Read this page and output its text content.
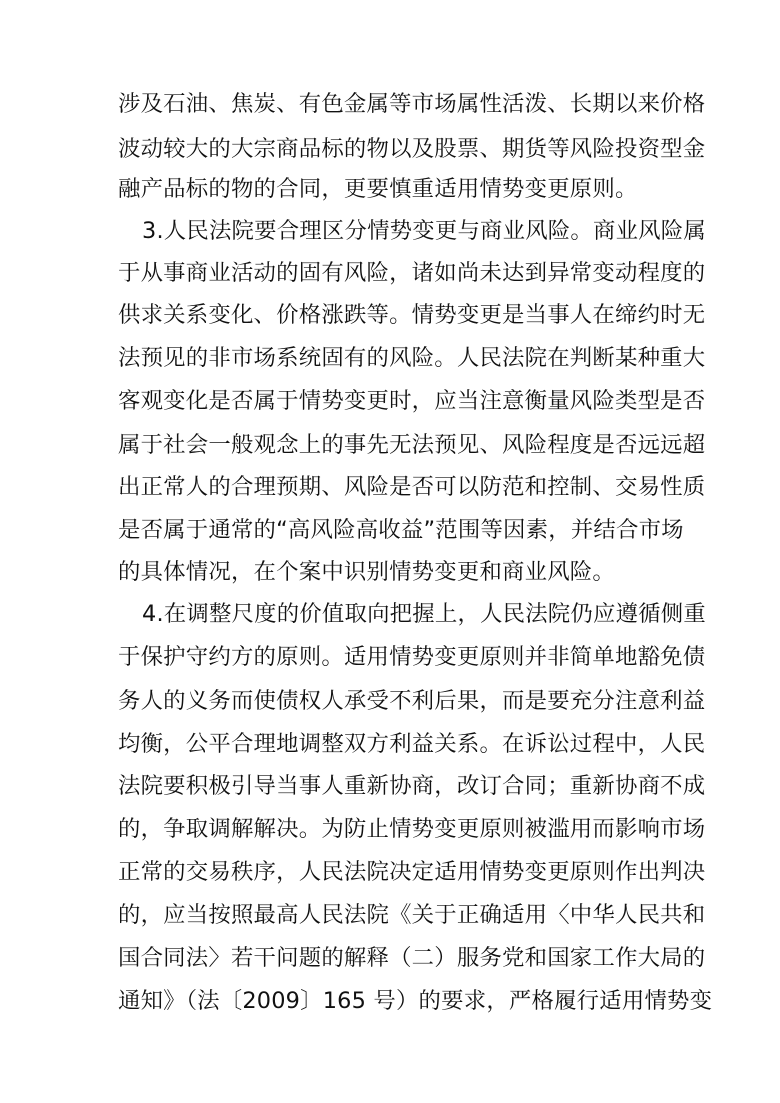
涉及石油、焦炭、有色金属等市场属性活泼、长期以来价格
波动较大的大宗商品标的物以及股票、期货等风险投资型金
融产品标的物的合同，更要慎重适用情势变更原则。
3.人民法院要合理区分情势变更与商业风险。商业风险属
于从事商业活动的固有风险，诸如尚未达到异常变动程度的
供求关系变化、价格涨跌等。情势变更是当事人在缔约时无
法预见的非市场系统固有的风险。人民法院在判断某种重大
客观变化是否属于情势变更时，应当注意衡量风险类型是否
属于社会一般观念上的事先无法预见、风险程度是否远远超
出正常人的合理预期、风险是否可以防范和控制、交易性质
是否属于通常的“高风险高收益”范围等因素，并结合市场
的具体情况，在个案中识别情势变更和商业风险。
4.在调整尺度的价值取向把握上，人民法院仍应遵循侧重
于保护守约方的原则。适用情势变更原则并非简单地豁免债
务人的义务而使债权人承受不利后果，而是要充分注意利益
均衡，公平合理地调整双方利益关系。在诉讼过程中，人民
法院要积极引导当事人重新协商，改订合同；重新协商不成
的，争取调解解决。为防止情势变更原则被滥用而影响市场
正常的交易秩序，人民法院决定适用情势变更原则作出判决
的，应当按照最高人民法院《关于正确适用〈中华人民共和
国合同法〉若干问题的解释（二）服务党和国家工作大局的
通知》（法〔2009〕165 号）的要求，严格履行适用情势变
